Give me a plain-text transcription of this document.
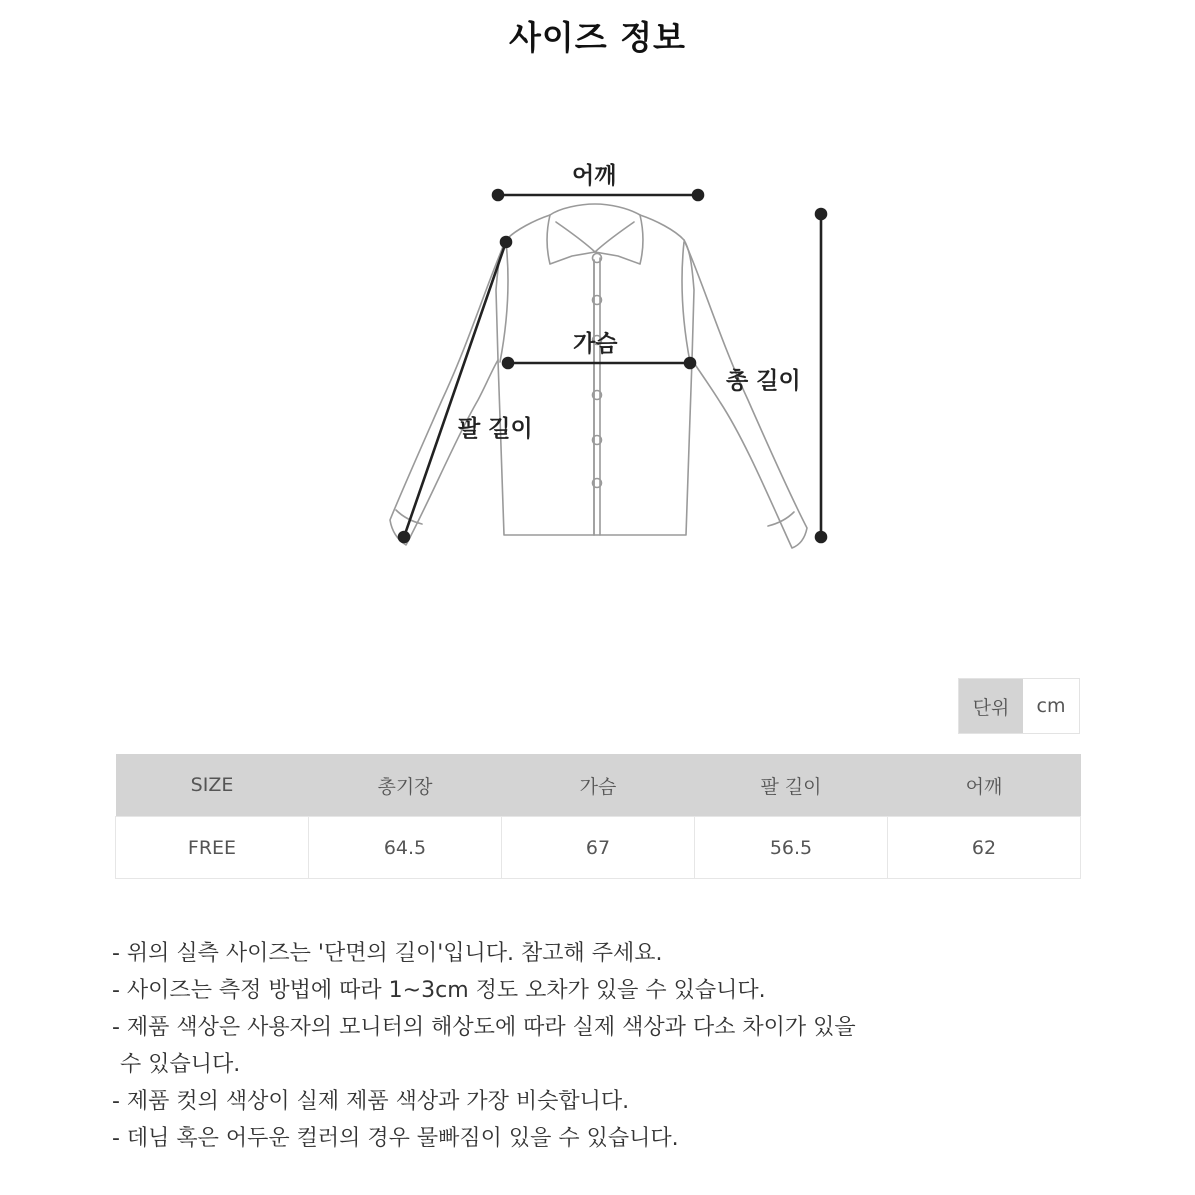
사이즈 정보
어깨
가슴
총 길이
팔 길이
단위	cm
SIZE	총기장	가슴	팔 길이	어깨
FREE	64.5	67	56.5	62
- 위의 실측 사이즈는 '단면의 길이'입니다. 참고해 주세요.
- 사이즈는 측정 방법에 따라 1~3cm 정도 오차가 있을 수 있습니다.
- 제품 색상은 사용자의 모니터의 해상도에 따라 실제 색상과 다소 차이가 있을
수 있습니다.
- 제품 컷의 색상이 실제 제품 색상과 가장 비슷합니다.
- 데님 혹은 어두운 컬러의 경우 물빠짐이 있을 수 있습니다.
